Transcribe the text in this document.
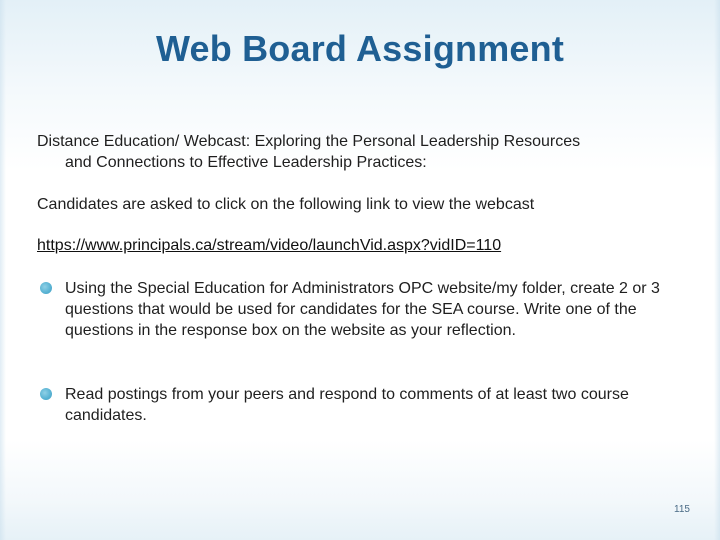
Web Board Assignment
Distance Education/ Webcast: Exploring the Personal Leadership Resources
and Connections to Effective Leadership Practices:
Candidates are asked to click on the following link to view the webcast
https://www.principals.ca/stream/video/launchVid.aspx?vidID=110
Using the Special Education for Administrators OPC website/my folder, create 2 or 3 questions that would be used for candidates for the SEA course. Write one of the questions in the response box on the website as your reflection.
Read postings from your peers and respond to comments of at least two course candidates.
115
